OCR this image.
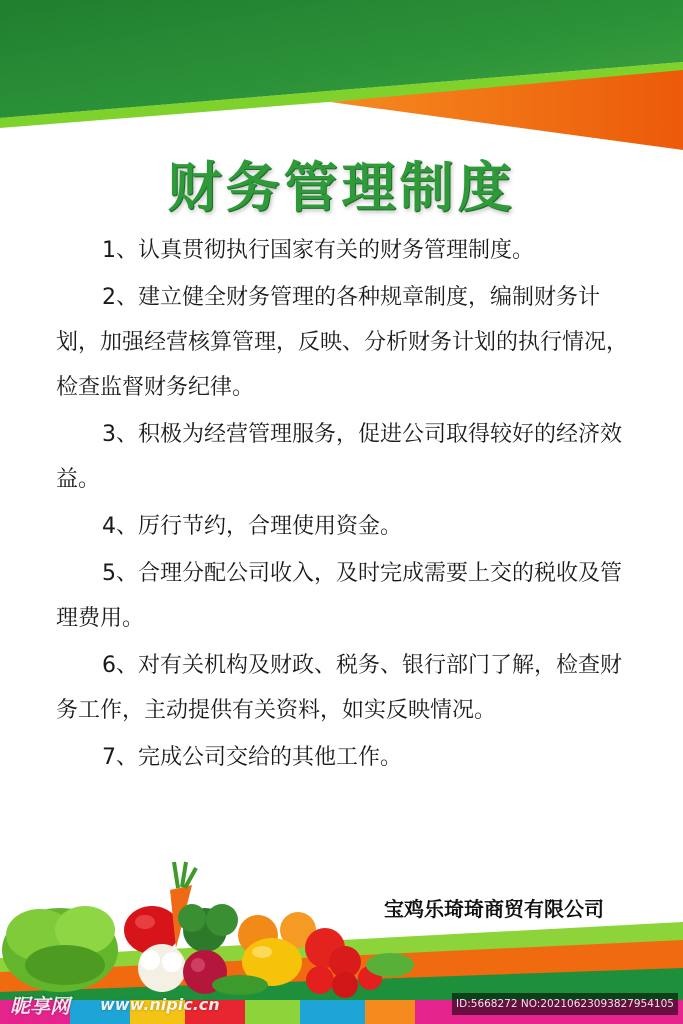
财务管理制度

1、认真贯彻执行国家有关的财务管理制度。

2、建立健全财务管理的各种规章制度，编制财务计划，加强经营核算管理，反映、分析财务计划的执行情况，检查监督财务纪律。

3、积极为经营管理服务，促进公司取得较好的经济效益。

4、厉行节约，合理使用资金。

5、合理分配公司收入，及时完成需要上交的税收及管理费用。

6、对有关机构及财政、税务、银行部门了解，检查财务工作，主动提供有关资料，如实反映情况。

7、完成公司交给的其他工作。

宝鸡乐琦琦商贸有限公司
昵享网 www.nipic.cn	ID:5668272 NO:20210623093827954105
